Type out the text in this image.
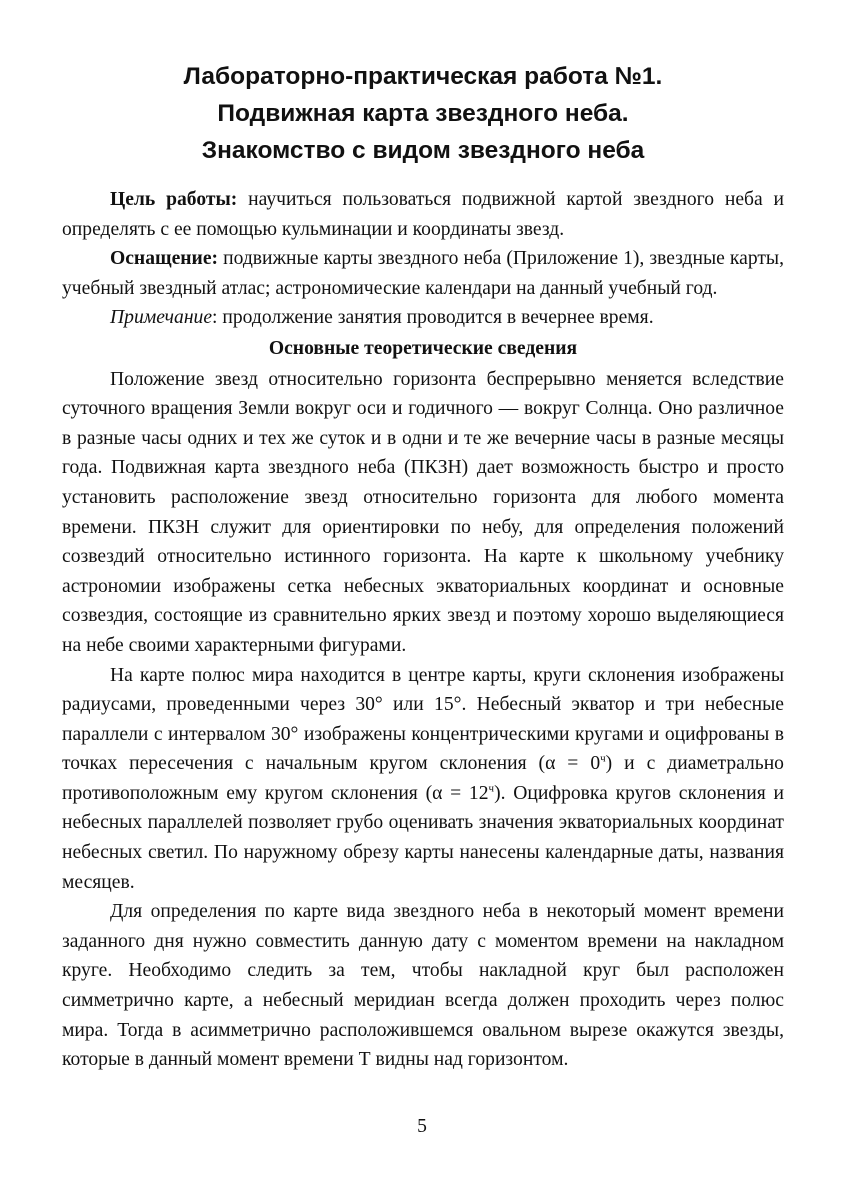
Лабораторно-практическая работа №1.
Подвижная карта звездного неба.
Знакомство с видом звездного неба

Цель работы: научиться пользоваться подвижной картой звездного неба и определять с ее помощью кульминации и координаты звезд.

Оснащение: подвижные карты звездного неба (Приложение 1), звездные карты, учебный звездный атлас; астрономические календари на данный учебный год.

Примечание: продолжение занятия проводится в вечернее время.

Основные теоретические сведения

Положение звезд относительно горизонта беспрерывно меняется вследствие суточного вращения Земли вокруг оси и годичного — вокруг Солнца. Оно различное в разные часы одних и тех же суток и в одни и те же вечерние часы в разные месяцы года. Подвижная карта звездного неба (ПКЗН) дает возможность быстро и просто установить расположение звезд относительно горизонта для любого момента времени. ПКЗН служит для ориентировки по небу, для определения положений созвездий относительно истинного горизонта. На карте к школьному учебнику астрономии изображены сетка небесных экваториальных координат и основные созвездия, состоящие из сравнительно ярких звезд и поэтому хорошо выделяющиеся на небе своими характерными фигурами.

На карте полюс мира находится в центре карты, круги склонения изображены радиусами, проведенными через 30° или 15°. Небесный экватор и три небесные параллели с интервалом 30° изображены концентрическими кругами и оцифрованы в точках пересечения с начальным кругом склонения $(\alpha = 0^ч)$ и с диаметрально противоположным ему кругом склонения $(\alpha = 12^ч)$. Оцифровка кругов склонения и небесных параллелей позволяет грубо оценивать значения экваториальных координат небесных светил. По наружному обрезу карты нанесены календарные даты, названия месяцев.

Для определения по карте вида звездного неба в некоторый момент времени заданного дня нужно совместить данную дату с моментом времени на накладном круге. Необходимо следить за тем, чтобы накладной круг был расположен симметрично карте, а небесный меридиан всегда должен проходить через полюс мира. Тогда в асимметрично расположившемся овальном вырезе окажутся звезды, которые в данный момент времени Т видны над горизонтом.

5
